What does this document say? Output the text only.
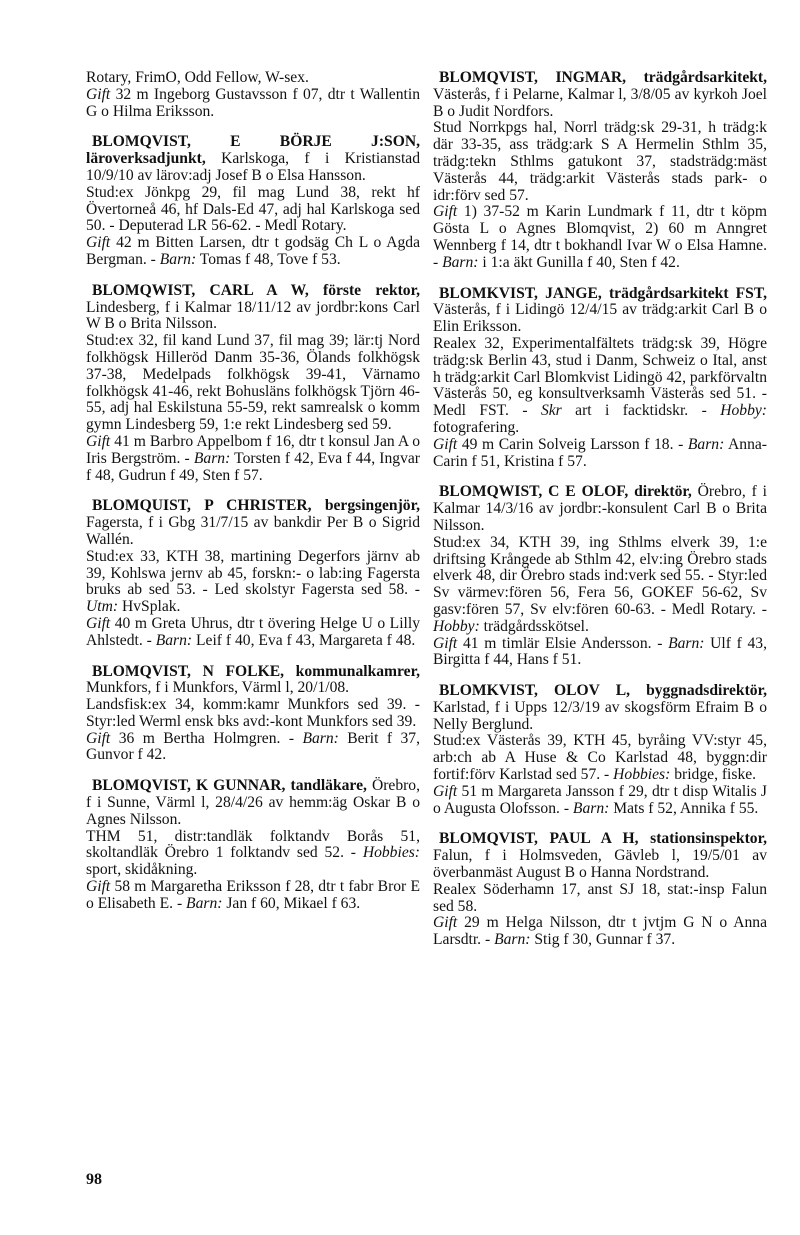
Rotary, FrimO, Odd Fellow, W-sex.

Gift 32 m Ingeborg Gustavsson f 07, dtr t Wallentin G o Hilma Eriksson.

BLOMQVIST, E BÖRJE J:SON, läroverksadjunkt, Karlskoga, f i Kristianstad 10/9/10 av lärov:adj Josef B o Elsa Hansson.

Stud:ex Jönkpg 29, fil mag Lund 38, rekt hf Övertorneå 46, hf Dals-Ed 47, adj hal Karlskoga sed 50. - Deputerad LR 56-62. - Medl Rotary.

Gift 42 m Bitten Larsen, dtr t godsäg Ch L o Agda Bergman. - Barn: Tomas f 48, Tove f 53.

BLOMQWIST, CARL A W, förste rektor, Lindesberg, f i Kalmar 18/11/12 av jordbr:kons Carl W B o Brita Nilsson.

Stud:ex 32, fil kand Lund 37, fil mag 39; lär:tj Nord folkhögsk Hilleröd Danm 35-36, Ölands folkhögsk 37-38, Medelpads folkhögsk 39-41, Värnamo folkhögsk 41-46, rekt Bohusläns folkhögsk Tjörn 46-55, adj hal Eskilstuna 55-59, rekt samrealsk o komm gymn Lindesberg 59, 1:e rekt Lindesberg sed 59.

Gift 41 m Barbro Appelbom f 16, dtr t konsul Jan A o Iris Bergström. - Barn: Torsten f 42, Eva f 44, Ingvar f 48, Gudrun f 49, Sten f 57.

BLOMQUIST, P CHRISTER, bergsingenjör, Fagersta, f i Gbg 31/7/15 av bankdir Per B o Sigrid Wallén.

Stud:ex 33, KTH 38, martining Degerfors järnv ab 39, Kohlswa jernv ab 45, forskn:- o lab:ing Fagersta bruks ab sed 53. - Led skolstyr Fagersta sed 58. - Utm: HvSplak.

Gift 40 m Greta Uhrus, dtr t övering Helge U o Lilly Ahlstedt. - Barn: Leif f 40, Eva f 43, Margareta f 48.

BLOMQVIST, N FOLKE, kommunalkamrer, Munkfors, f i Munkfors, Värml l, 20/1/08.

Landsfisk:ex 34, komm:kamr Munkfors sed 39. - Styr:led Werml ensk bks avd:-kont Munkfors sed 39.

Gift 36 m Bertha Holmgren. - Barn: Berit f 37, Gunvor f 42.

BLOMQVIST, K GUNNAR, tandläkare, Örebro, f i Sunne, Värml l, 28/4/26 av hemm:äg Oskar B o Agnes Nilsson.

THM 51, distr:tandläk folktandv Borås 51, skoltandläk Örebro 1 folktandv sed 52. - Hobbies: sport, skidåkning.

Gift 58 m Margaretha Eriksson f 28, dtr t fabr Bror E o Elisabeth E. - Barn: Jan f 60, Mikael f 63.

BLOMQVIST, INGMAR, trädgårdsarkitekt, Västerås, f i Pelarne, Kalmar l, 3/8/05 av kyrkoh Joel B o Judit Nordfors.

Stud Norrkpgs hal, Norrl trädg:sk 29-31, h trädg:k där 33-35, ass trädg:ark S A Hermelin Sthlm 35, trädg:tekn Sthlms gatukont 37, stadsträdg:mäst Västerås 44, trädg:arkit Västerås stads park- o idr:förv sed 57.

Gift 1) 37-52 m Karin Lundmark f 11, dtr t köpm Gösta L o Agnes Blomqvist, 2) 60 m Anngret Wennberg f 14, dtr t bokhandl Ivar W o Elsa Hamne. - Barn: i 1:a äkt Gunilla f 40, Sten f 42.

BLOMKVIST, JANGE, trädgårdsarkitekt FST, Västerås, f i Lidingö 12/4/15 av trädg:arkit Carl B o Elin Eriksson.

Realex 32, Experimentalfältets trädg:sk 39, Högre trädg:sk Berlin 43, stud i Danm, Schweiz o Ital, anst h trädg:arkit Carl Blomkvist Lidingö 42, parkförvaltn Västerås 50, eg konsultverksamh Västerås sed 51. - Medl FST. - Skr art i facktidskr. - Hobby: fotografering.

Gift 49 m Carin Solveig Larsson f 18. - Barn: Anna-Carin f 51, Kristina f 57.

BLOMQWIST, C E OLOF, direktör, Örebro, f i Kalmar 14/3/16 av jordbr:-konsulent Carl B o Brita Nilsson.

Stud:ex 34, KTH 39, ing Sthlms elverk 39, 1:e driftsing Krångede ab Sthlm 42, elv:ing Örebro stads elverk 48, dir Örebro stads ind:verk sed 55. - Styr:led Sv värmev:fören 56, Fera 56, GOKEF 56-62, Sv gasv:fören 57, Sv elv:fören 60-63. - Medl Rotary. - Hobby: trädgårdsskötsel.

Gift 41 m timlär Elsie Andersson. - Barn: Ulf f 43, Birgitta f 44, Hans f 51.

BLOMKVIST, OLOV L, byggnadsdirektör, Karlstad, f i Upps 12/3/19 av skogsförm Efraim B o Nelly Berglund.

Stud:ex Västerås 39, KTH 45, byråing VV:styr 45, arb:ch ab A Huse & Co Karlstad 48, byggn:dir fortif:förv Karlstad sed 57. - Hobbies: bridge, fiske.

Gift 51 m Margareta Jansson f 29, dtr t disp Witalis J o Augusta Olofsson. - Barn: Mats f 52, Annika f 55.

BLOMQVIST, PAUL A H, stationsinspektor, Falun, f i Holmsveden, Gävleb l, 19/5/01 av överbanmäst August B o Hanna Nordstrand.

Realex Söderhamn 17, anst SJ 18, stat:-insp Falun sed 58.

Gift 29 m Helga Nilsson, dtr t jvtjm G N o Anna Larsdtr. - Barn: Stig f 30, Gunnar f 37.

98
